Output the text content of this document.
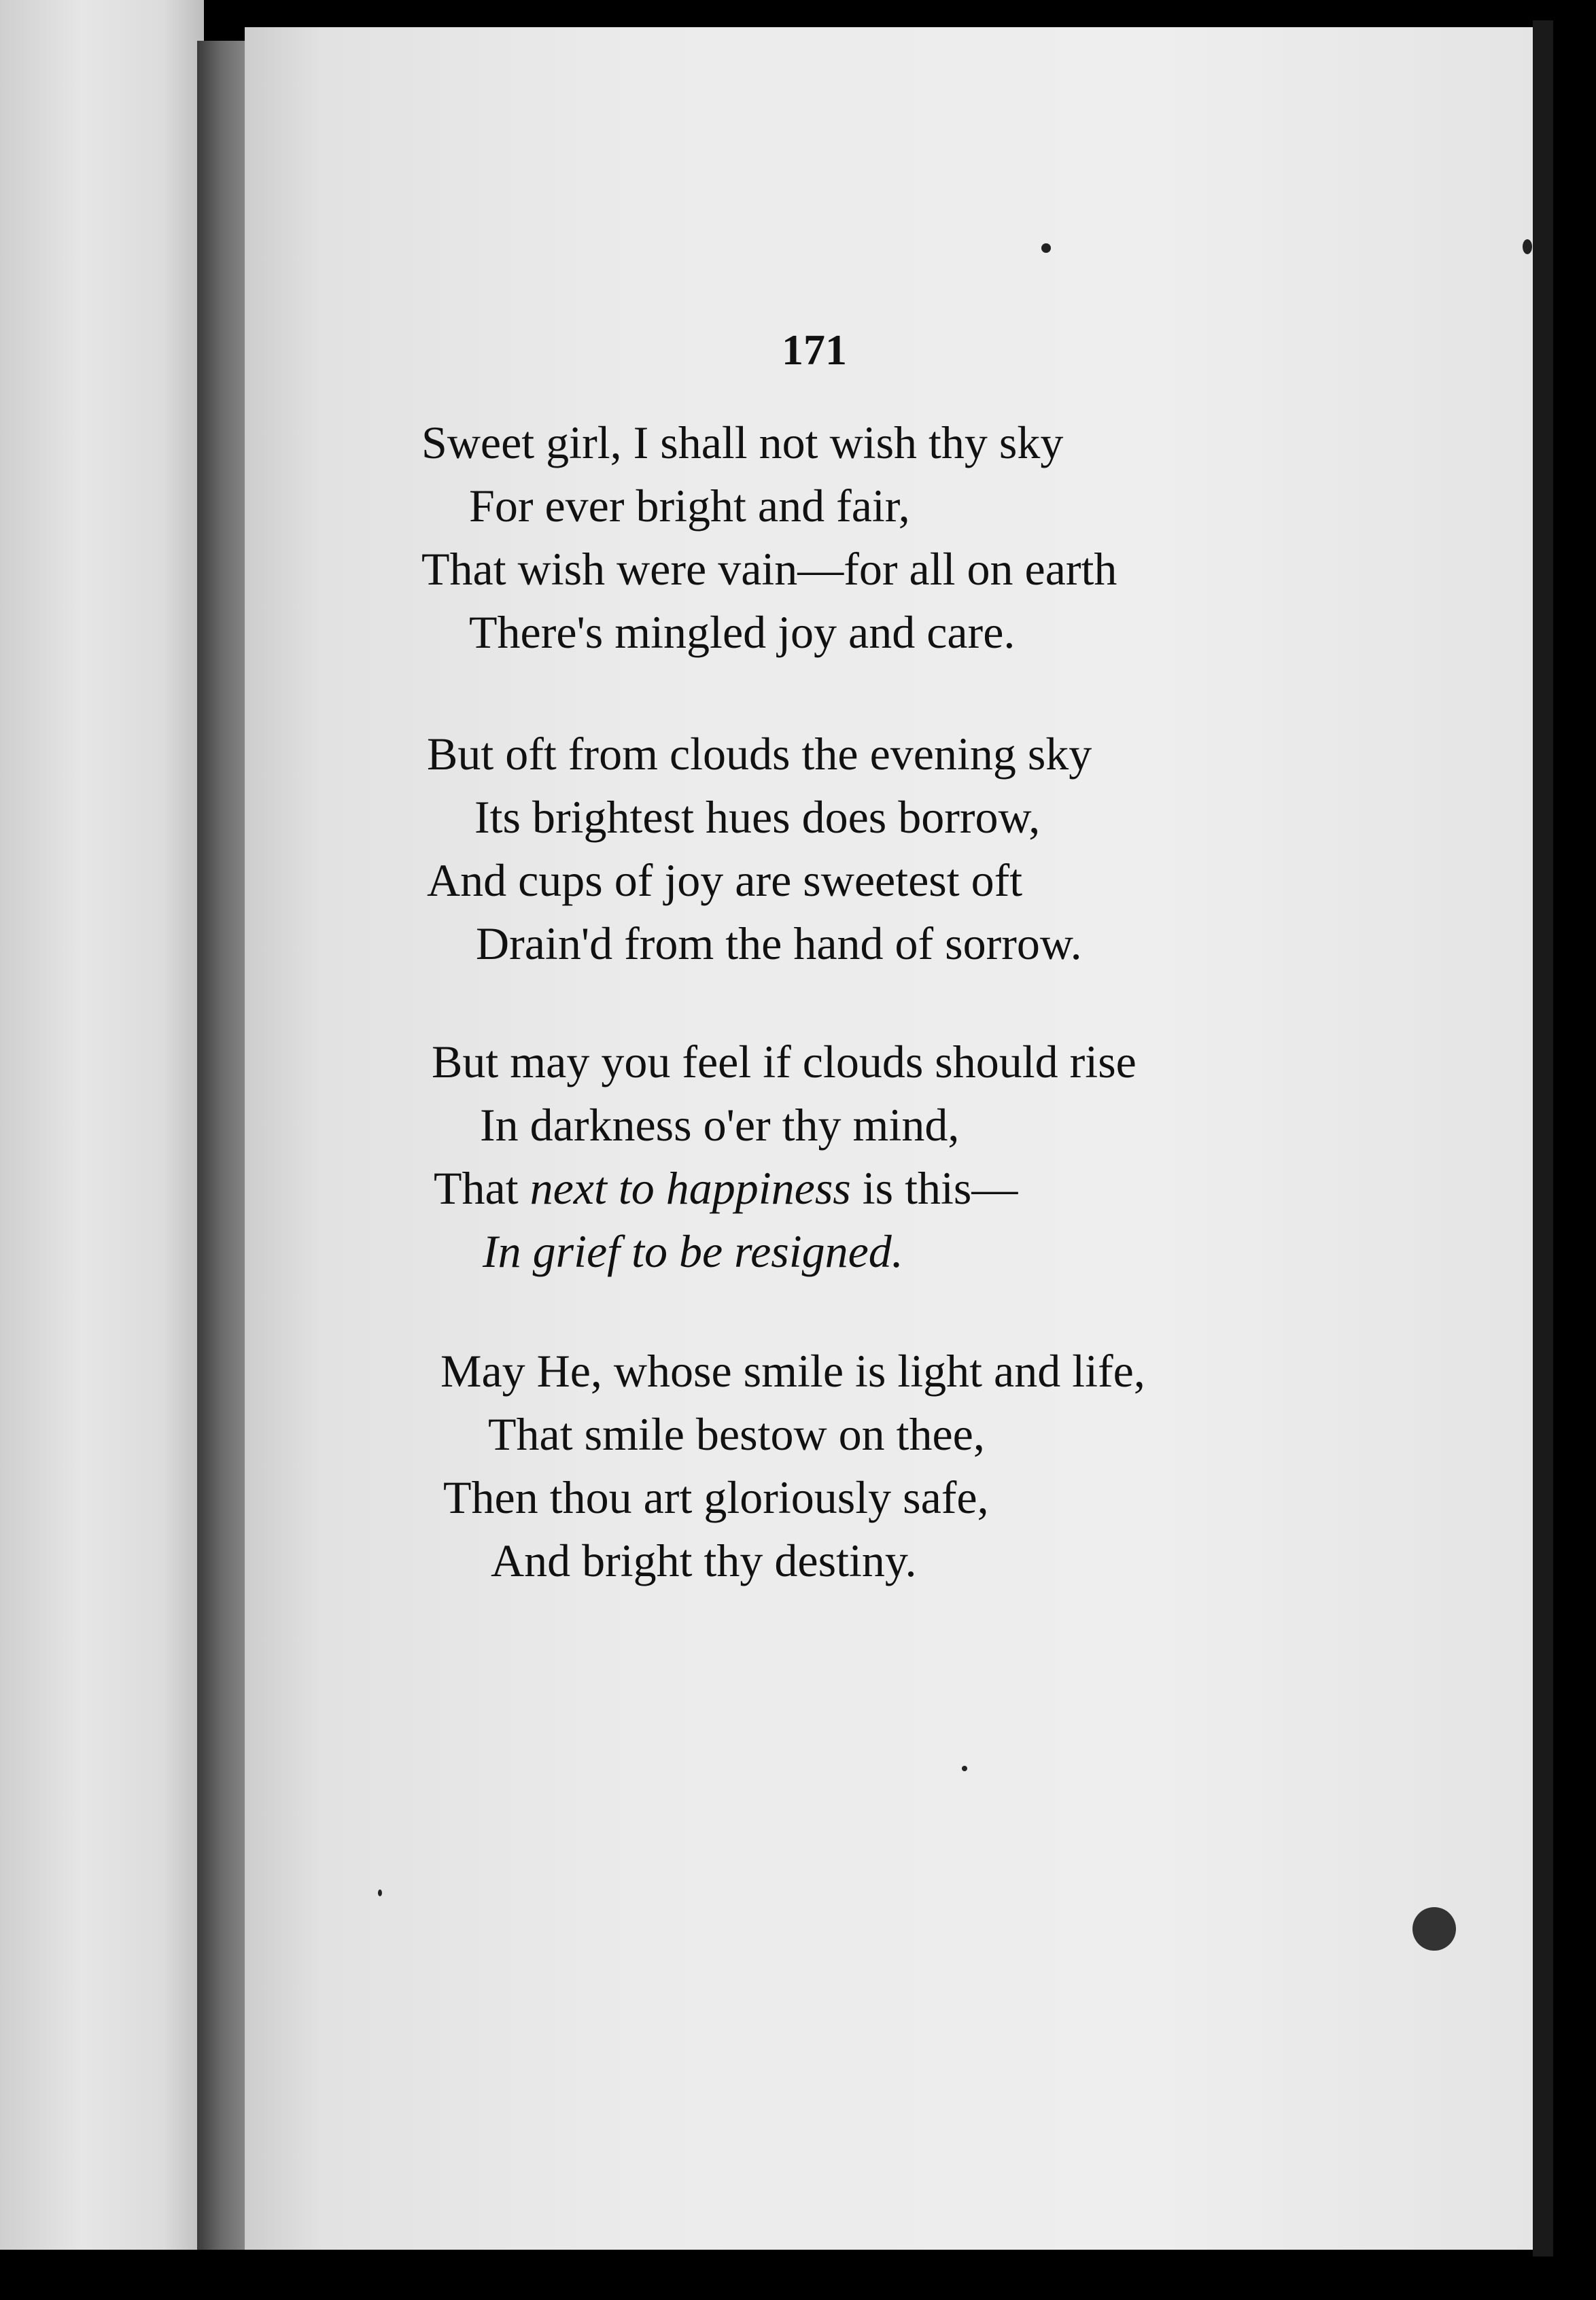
171
Sweet girl, I shall not wish thy sky
For ever bright and fair,
That wish were vain—for all on earth
There's mingled joy and care.
But oft from clouds the evening sky
Its brightest hues does borrow,
And cups of joy are sweetest oft
Drain'd from the hand of sorrow.
But may you feel if clouds should rise
In darkness o'er thy mind,
That next to happiness is this—
In grief to be resigned.
May He, whose smile is light and life,
That smile bestow on thee,
Then thou art gloriously safe,
And bright thy destiny.
